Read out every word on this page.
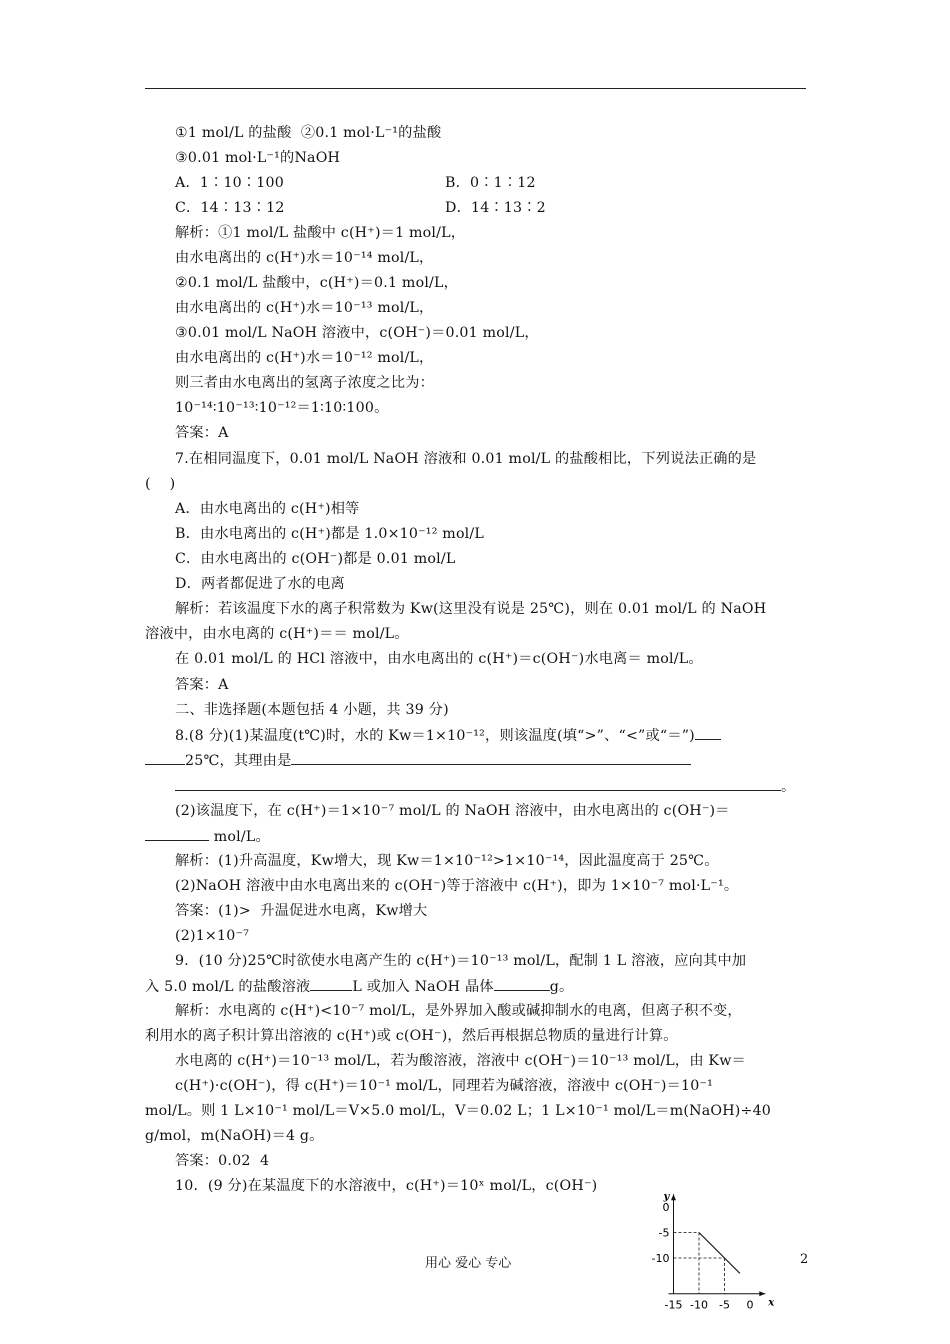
①1 mol/L 的盐酸  ②0.1 mol·L⁻¹的盐酸
③0.01 mol·L⁻¹的NaOH
A．1∶10∶100	B．0∶1∶12
C．14∶13∶12	D．14∶13∶2
解析：①1 mol/L 盐酸中 c(H⁺)＝1 mol/L，
由水电离出的 c(H⁺)水＝10⁻¹⁴ mol/L，
②0.1 mol/L 盐酸中，c(H⁺)＝0.1 mol/L，
由水电离出的 c(H⁺)水＝10⁻¹³ mol/L，
③0.01 mol/L NaOH 溶液中，c(OH⁻)＝0.01 mol/L，
由水电离出的 c(H⁺)水＝10⁻¹² mol/L，
则三者由水电离出的氢离子浓度之比为：
10⁻¹⁴∶10⁻¹³∶10⁻¹²＝1∶10∶100。
答案：A
7.在相同温度下，0.01 mol/L NaOH 溶液和 0.01 mol/L 的盐酸相比，下列说法正确的是
(    )
A．由水电离出的 c(H⁺)相等
B．由水电离出的 c(H⁺)都是 1.0×10⁻¹² mol/L
C．由水电离出的 c(OH⁻)都是 0.01 mol/L
D．两者都促进了水的电离
解析：若该温度下水的离子积常数为 Kw(这里没有说是 25℃)，则在 0.01 mol/L 的 NaOH
溶液中，由水电离的 c(H⁺)＝＝ mol/L。
在 0.01 mol/L 的 HCl 溶液中，由水电离出的 c(H⁺)＝c(OH⁻)水电离＝ mol/L。
答案：A
二、非选择题(本题包括 4 小题，共 39 分)
8.(8 分)(1)某温度(t℃)时，水的 Kw＝1×10⁻¹²，则该温度(填“>”、“<”或“＝”)
25℃，其理由是
。
(2)该温度下，在 c(H⁺)＝1×10⁻⁷ mol/L 的 NaOH 溶液中，由水电离出的 c(OH⁻)＝
mol/L。
解析：(1)升高温度，Kw增大，现 Kw＝1×10⁻¹²>1×10⁻¹⁴，因此温度高于 25℃。
(2)NaOH 溶液中由水电离出来的 c(OH⁻)等于溶液中 c(H⁺)，即为 1×10⁻⁷ mol·L⁻¹。
答案：(1)>  升温促进水电离，Kw增大
(2)1×10⁻⁷
9．(10 分)25℃时欲使水电离产生的 c(H⁺)＝10⁻¹³ mol/L，配制 1 L 溶液，应向其中加
入 5.0 mol/L 的盐酸溶液	L 或加入 NaOH 晶体	g。
解析：水电离的 c(H⁺)<10⁻⁷ mol/L，是外界加入酸或碱抑制水的电离，但离子积不变，
利用水的离子积计算出溶液的 c(H⁺)或 c(OH⁻)，然后再根据总物质的量进行计算。
水电离的 c(H⁺)＝10⁻¹³ mol/L，若为酸溶液，溶液中 c(OH⁻)＝10⁻¹³ mol/L，由 Kw＝
c(H⁺)·c(OH⁻)，得 c(H⁺)＝10⁻¹ mol/L，同理若为碱溶液，溶液中 c(OH⁻)＝10⁻¹
mol/L。则 1 L×10⁻¹ mol/L＝V×5.0 mol/L，V＝0.02 L；1 L×10⁻¹ mol/L＝m(NaOH)÷40
g/mol，m(NaOH)＝4 g。
答案：0.02  4
10．(9 分)在某温度下的水溶液中，c(H⁺)＝10ˣ mol/L，c(OH⁻)
用心 爱心 专心	2
x
y
-15 -10 -5 0
0
-5
-10
